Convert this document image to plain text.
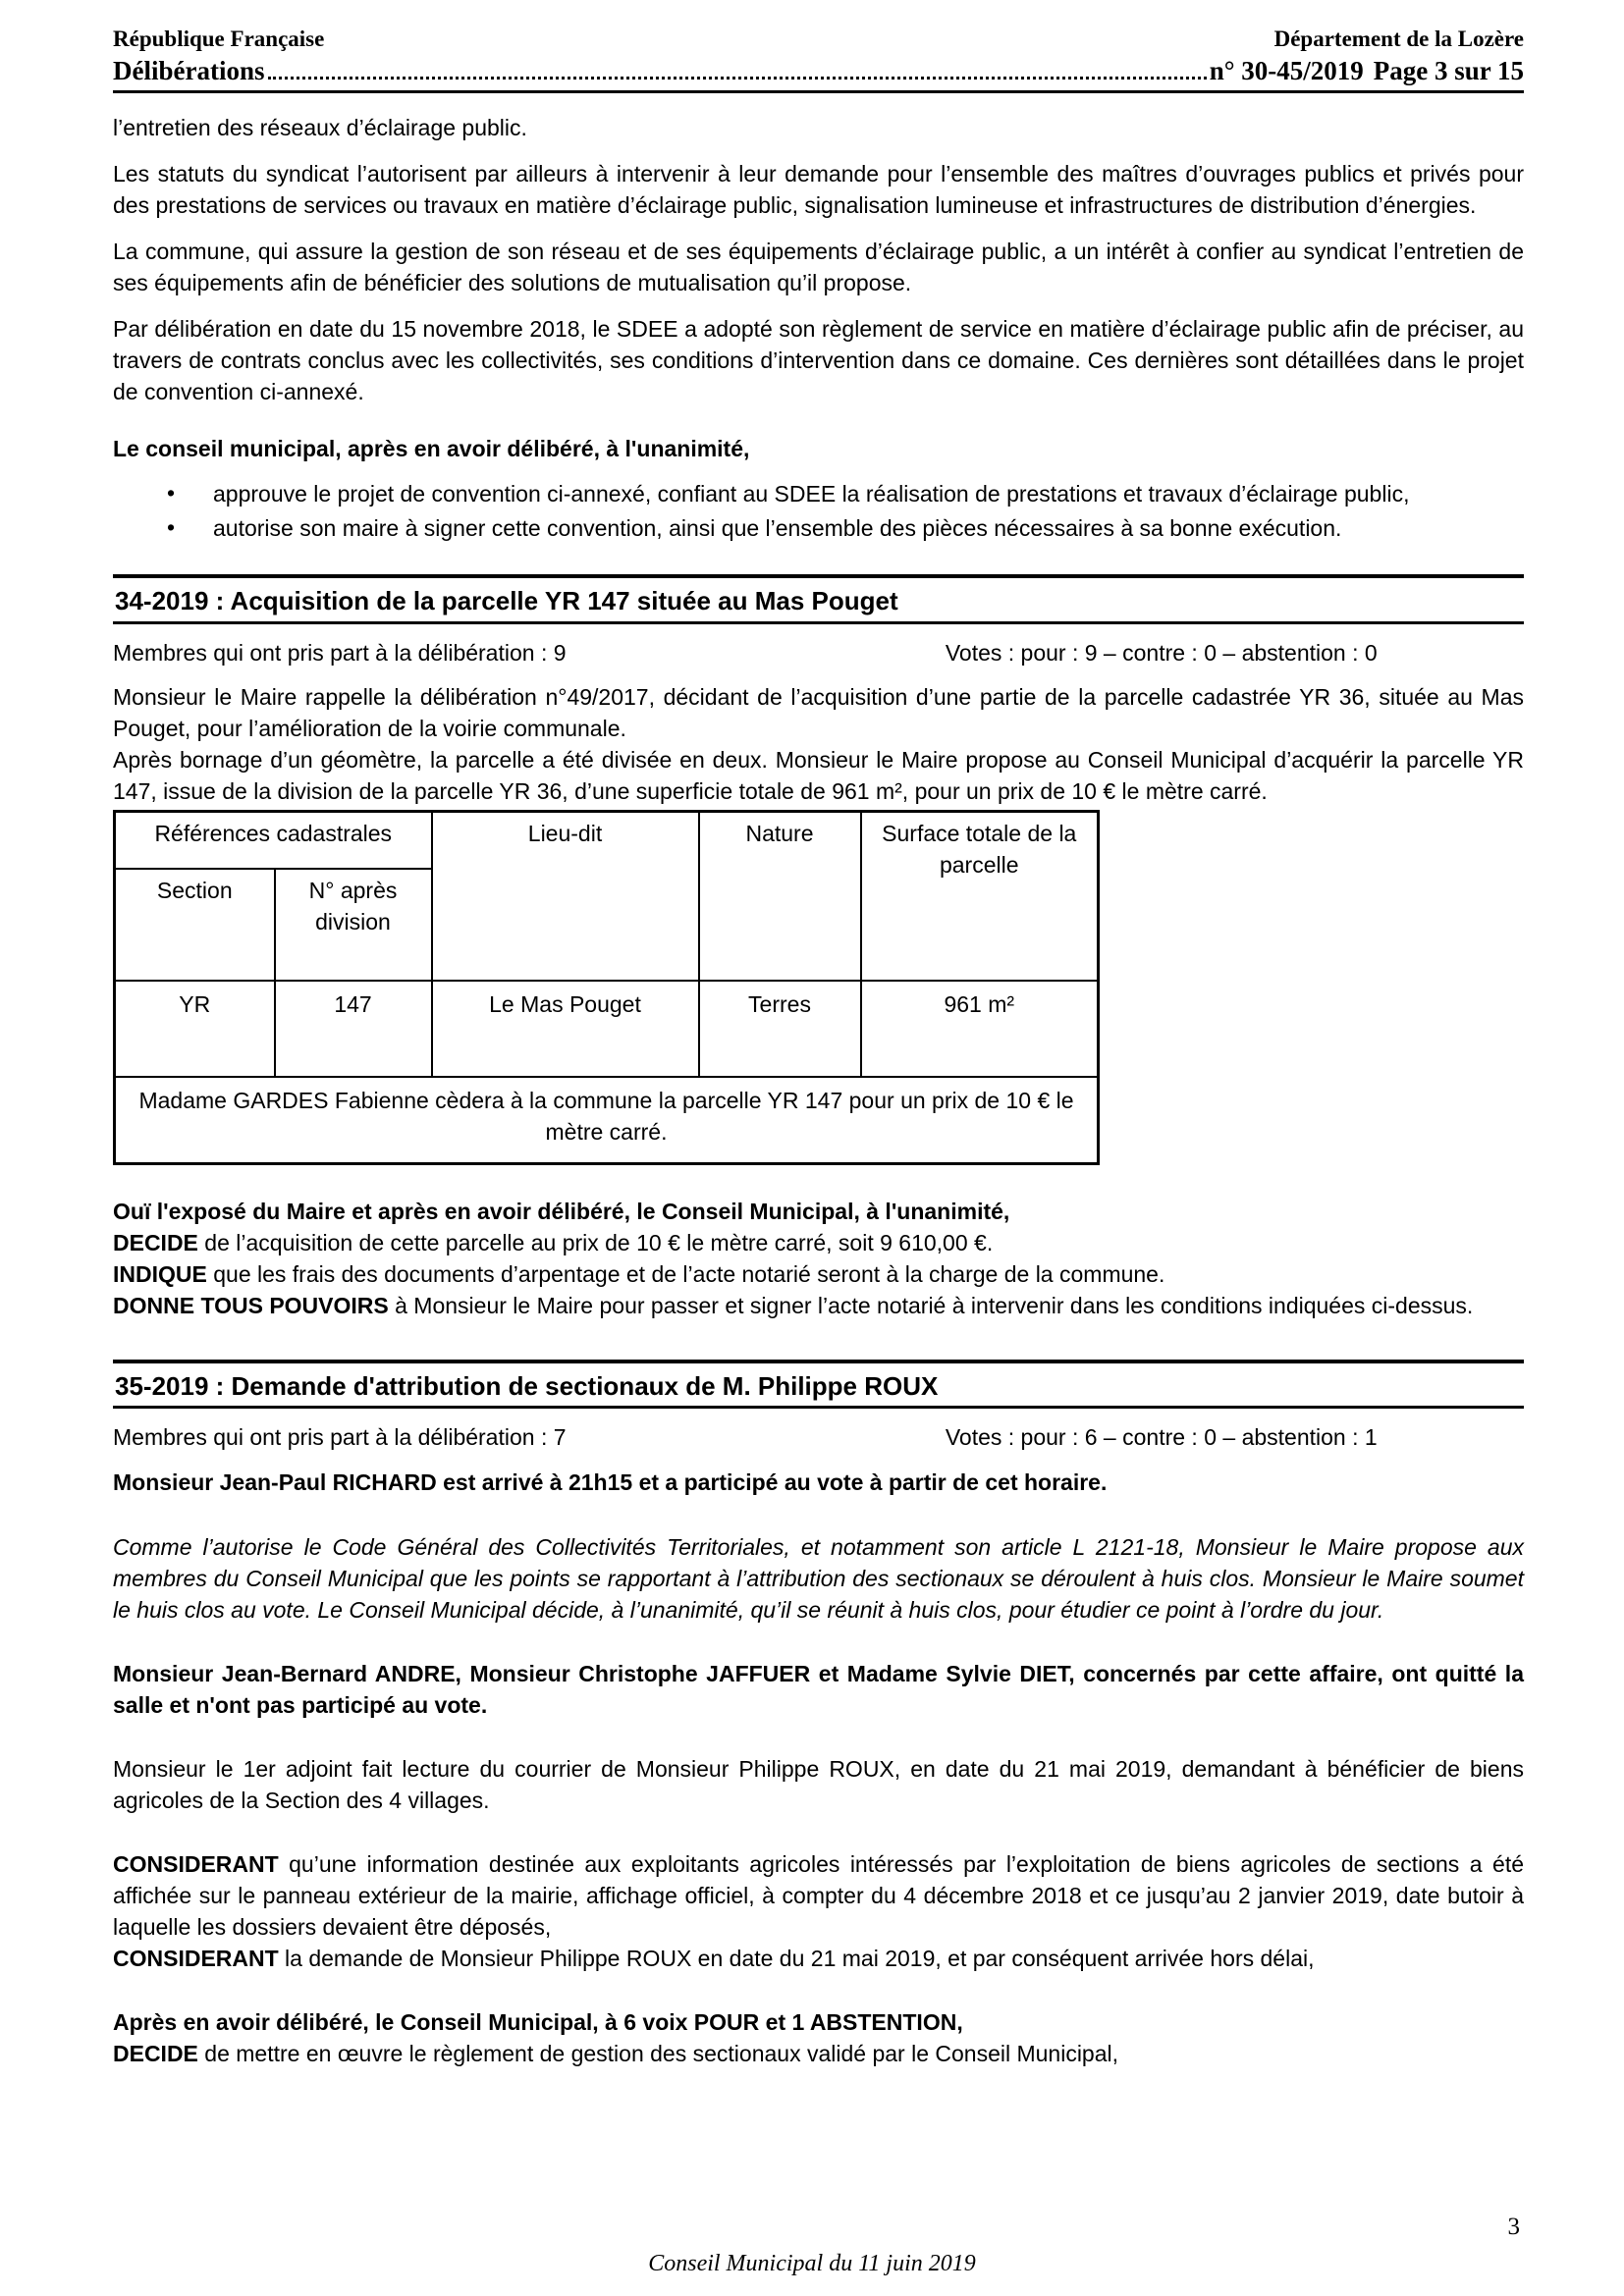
République Française	Département de la Lozère
Délibérations	n° 30-45/2019 Page 3 sur 15

l’entretien des réseaux d’éclairage public.

Les statuts du syndicat l’autorisent par ailleurs à intervenir à leur demande pour l’ensemble des maîtres d’ouvrages publics et privés pour des prestations de services ou travaux en matière d’éclairage public, signalisation lumineuse et infrastructures de distribution d’énergies.

La commune, qui assure la gestion de son réseau et de ses équipements d’éclairage public, a un intérêt à confier au syndicat l’entretien de ses équipements afin de bénéficier des solutions de mutualisation qu’il propose.

Par délibération en date du 15 novembre 2018, le SDEE a adopté son règlement de service en matière d’éclairage public afin de préciser, au travers de contrats conclus avec les collectivités, ses conditions d’intervention dans ce domaine. Ces dernières sont détaillées dans le projet de convention ci-annexé.

Le conseil municipal, après en avoir délibéré, à l'unanimité,

• approuve le projet de convention ci-annexé, confiant au SDEE la réalisation de prestations et travaux d’éclairage public,
• autorise son maire à signer cette convention, ainsi que l’ensemble des pièces nécessaires à sa bonne exécution.
34-2019 : Acquisition de la parcelle YR 147 située au Mas Pouget
Membres qui ont pris part à la délibération : 9	Votes : pour : 9 – contre : 0 – abstention : 0

Monsieur le Maire rappelle la délibération n°49/2017, décidant de l’acquisition d’une partie de la parcelle cadastrée YR 36, située au Mas Pouget, pour l’amélioration de la voirie communale.

Après bornage d’un géomètre, la parcelle a été divisée en deux. Monsieur le Maire propose au Conseil Municipal d’acquérir la parcelle YR 147, issue de la division de la parcelle YR 36, d’une superficie totale de 961 m², pour un prix de 10 € le mètre carré.

Références cadastrales		Lieu-dit	Nature	Surface totale de la parcelle
Section	N° après division			
YR	147	Le Mas Pouget	Terres	961 m²
Madame GARDES Fabienne cèdera à la commune la parcelle YR 147 pour un prix de 10 € le mètre carré.				

Ouï l'exposé du Maire et après en avoir délibéré, le Conseil Municipal, à l'unanimité,

DECIDE de l’acquisition de cette parcelle au prix de 10 € le mètre carré, soit 9 610,00 €.

INDIQUE que les frais des documents d’arpentage et de l’acte notarié seront à la charge de la commune.

DONNE TOUS POUVOIRS à Monsieur le Maire pour passer et signer l’acte notarié à intervenir dans les conditions indiquées ci-dessus.

35-2019 : Demande d'attribution de sectionaux de M. Philippe ROUX
Membres qui ont pris part à la délibération : 7	Votes : pour : 6 – contre : 0 – abstention : 1

Monsieur Jean-Paul RICHARD est arrivé à 21h15 et a participé au vote à partir de cet horaire.

Comme l’autorise le Code Général des Collectivités Territoriales, et notamment son article L 2121-18, Monsieur le Maire propose aux membres du Conseil Municipal que les points se rapportant à l’attribution des sectionaux se déroulent à huis clos. Monsieur le Maire soumet le huis clos au vote. Le Conseil Municipal décide, à l’unanimité, qu’il se réunit à huis clos, pour étudier ce point à l’ordre du jour.

Monsieur Jean-Bernard ANDRE, Monsieur Christophe JAFFUER et Madame Sylvie DIET, concernés par cette affaire, ont quitté la salle et n'ont pas participé au vote.

Monsieur le 1er adjoint fait lecture du courrier de Monsieur Philippe ROUX, en date du 21 mai 2019, demandant à bénéficier de biens agricoles de la Section des 4 villages.

CONSIDERANT qu’une information destinée aux exploitants agricoles intéressés par l’exploitation de biens agricoles de sections a été affichée sur le panneau extérieur de la mairie, affichage officiel, à compter du 4 décembre 2018 et ce jusqu’au 2 janvier 2019, date butoir à laquelle les dossiers devaient être déposés,

CONSIDERANT la demande de Monsieur Philippe ROUX en date du 21 mai 2019, et par conséquent arrivée hors délai,

Après en avoir délibéré, le Conseil Municipal, à 6 voix POUR et 1 ABSTENTION,

DECIDE de mettre en œuvre le règlement de gestion des sectionaux validé par le Conseil Municipal,

3
Conseil Municipal du 11 juin 2019
